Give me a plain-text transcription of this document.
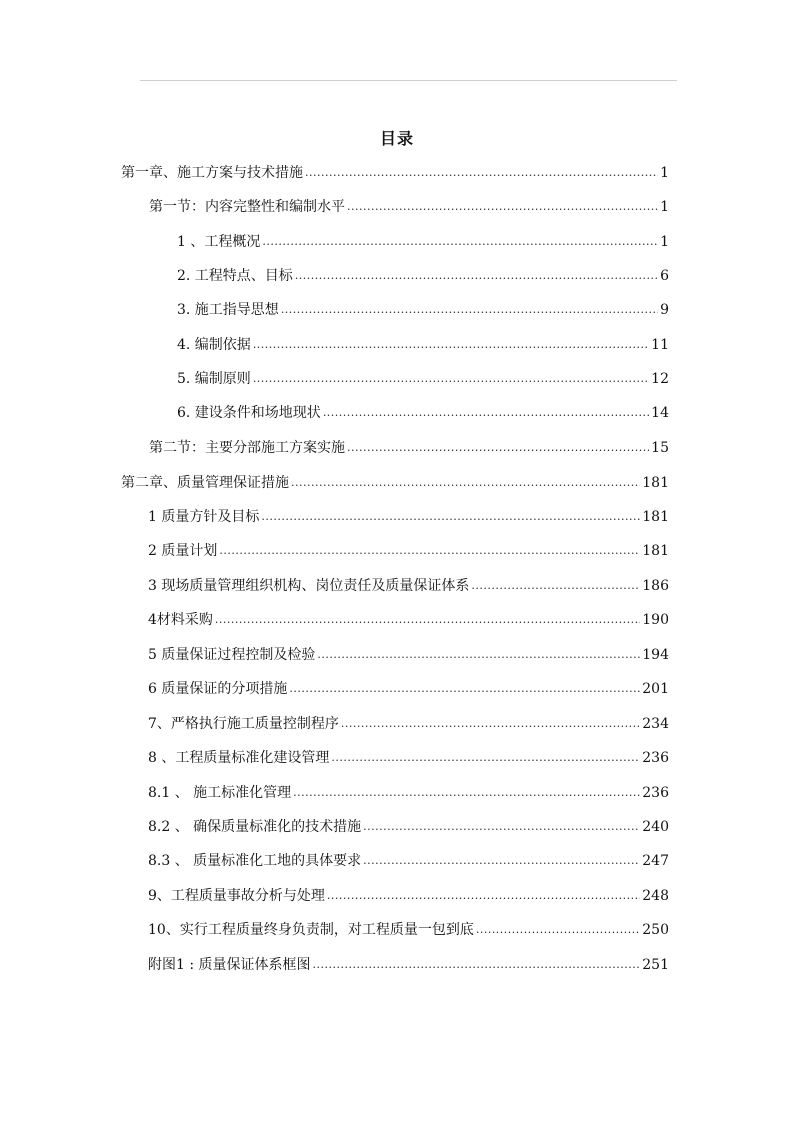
目录
第一章、施工方案与技术措施 .....	1
第一节：内容完整性和编制水平 .....	1
1 、工程概况 .....	1
2. 工程特点、目标 .....	6
3. 施工指导思想 .....	9
4. 编制依据 .....	11
5. 编制原则 .....	12
6. 建设条件和场地现状 .....	14
第二节：主要分部施工方案实施 .....	15
第二章、质量管理保证措施 .....	181
1 质量方针及目标 .....	181
2 质量计划 .....	181
3 现场质量管理组织机构、岗位责任及质量保证体系 .....	186
4材料采购 .....	190
5 质量保证过程控制及检验 .....	194
6 质量保证的分项措施 .....	201
7、严格执行施工质量控制程序 .....	234
8 、工程质量标准化建设管理 .....	236
8.1 、 施工标准化管理 .....	236
8.2 、 确保质量标准化的技术措施 .....	240
8.3 、 质量标准化工地的具体要求 .....	247
9、工程质量事故分析与处理 .....	248
10、实行工程质量终身负责制，对工程质量一包到底 .....	250
附图1 : 质量保证体系框图 .....	251
